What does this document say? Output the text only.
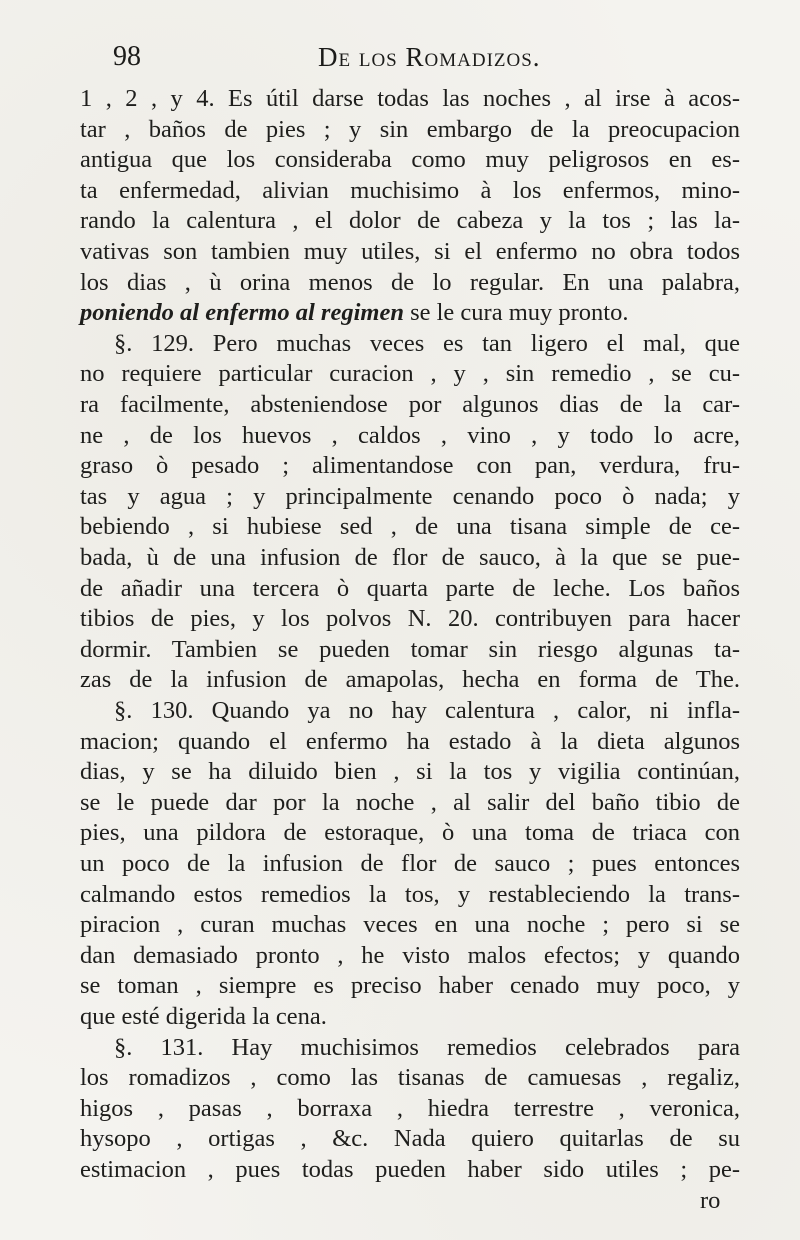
98	De los Romadizos.
1 , 2 , y 4. Es útil darse todas las noches , al irse à acos-
tar , baños de pies ; y sin embargo de la preocupacion
antigua que los consideraba como muy peligrosos en es-
ta enfermedad, alivian muchisimo à los enfermos, mino-
rando la calentura , el dolor de cabeza y la tos ; las la-
vativas son tambien muy utiles, si el enfermo no obra todos
los dias , ù orina menos de lo regular. En una palabra,
poniendo al enfermo al regimen se le cura muy pronto.
§. 129. Pero muchas veces es tan ligero el mal, que
no requiere particular curacion , y , sin remedio , se cu-
ra facilmente, absteniendose por algunos dias de la car-
ne , de los huevos , caldos , vino , y todo lo acre,
graso ò pesado ; alimentandose con pan, verdura, fru-
tas y agua ; y principalmente cenando poco ò nada; y
bebiendo , si hubiese sed , de una tisana simple de ce-
bada, ù de una infusion de flor de sauco, à la que se pue-
de añadir una tercera ò quarta parte de leche. Los baños
tibios de pies, y los polvos N. 20. contribuyen para hacer
dormir. Tambien se pueden tomar sin riesgo algunas ta-
zas de la infusion de amapolas, hecha en forma de The.
§. 130. Quando ya no hay calentura , calor, ni infla-
macion; quando el enfermo ha estado à la dieta algunos
dias, y se ha diluido bien , si la tos y vigilia continúan,
se le puede dar por la noche , al salir del baño tibio de
pies, una pildora de estoraque, ò una toma de triaca con
un poco de la infusion de flor de sauco ; pues entonces
calmando estos remedios la tos, y restableciendo la trans-
piracion , curan muchas veces en una noche ; pero si se
dan demasiado pronto , he visto malos efectos; y quando
se toman , siempre es preciso haber cenado muy poco, y
que esté digerida la cena.
§. 131. Hay muchisimos remedios celebrados para
los romadizos , como las tisanas de camuesas , regaliz,
higos , pasas , borraxa , hiedra terrestre , veronica,
hysopo , ortigas , &c. Nada quiero quitarlas de su
estimacion , pues todas pueden haber sido utiles ; pe-
ro
